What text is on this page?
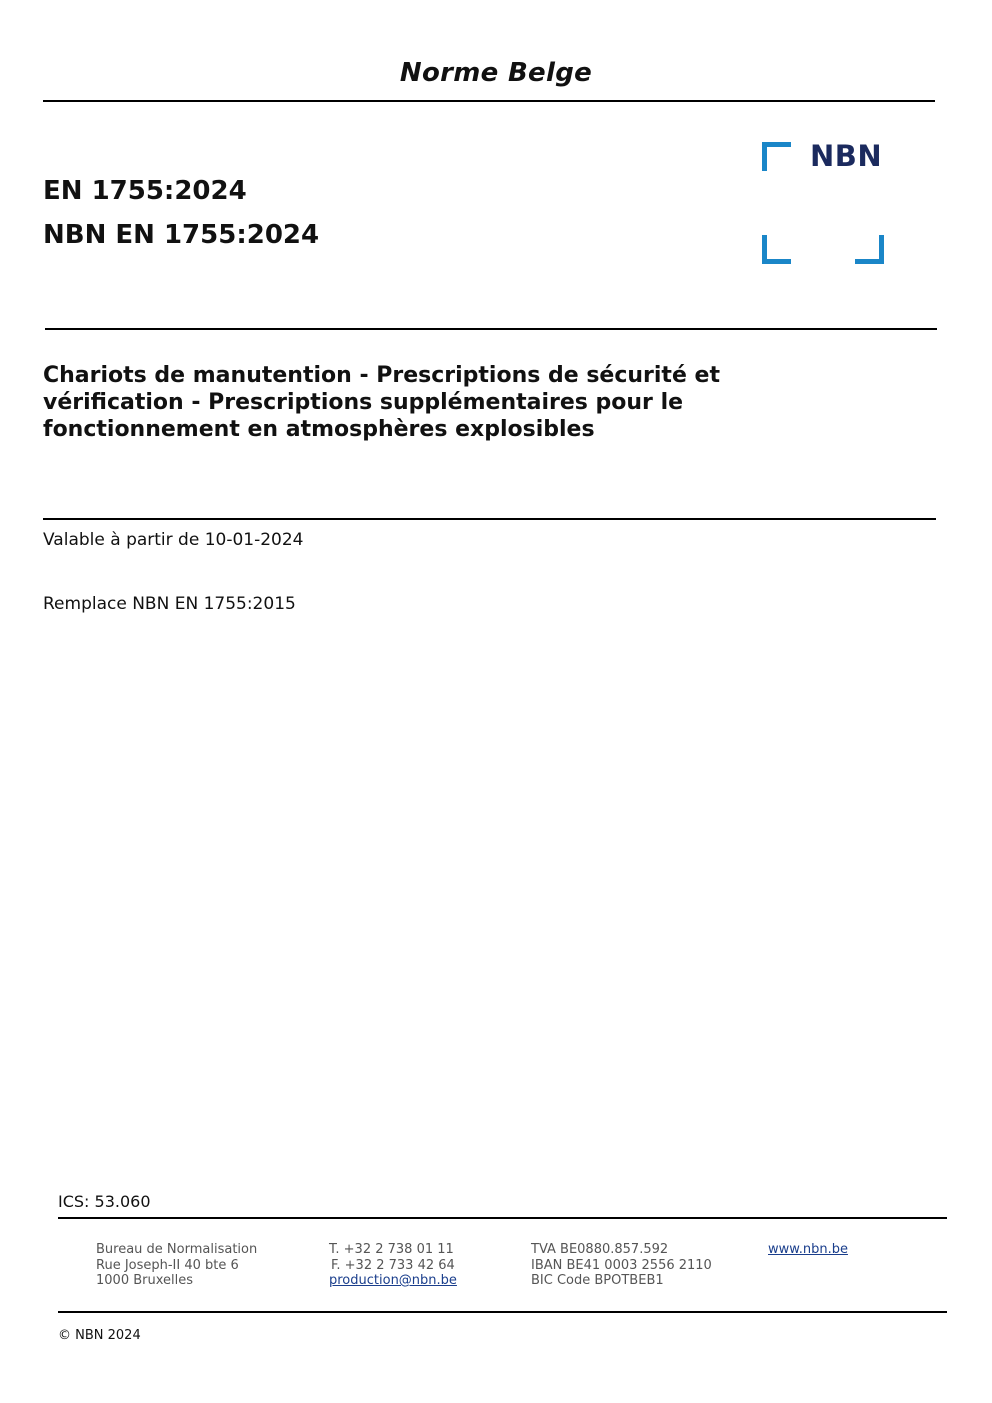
Norme Belge
EN 1755:2024
NBN EN 1755:2024
NBN
Chariots de manutention - Prescriptions de sécurité et
vérification - Prescriptions supplémentaires pour le
fonctionnement en atmosphères explosibles
Valable à partir de 10-01-2024
Remplace NBN EN 1755:2015
ICS: 53.060
Bureau de Normalisation
Rue Joseph-II 40 bte 6
1000 Bruxelles
T. +32 2 738 01 11
F. +32 2 733 42 64
production@nbn.be
TVA BE0880.857.592
IBAN BE41 0003 2556 2110
BIC Code BPOTBEB1
www.nbn.be
© NBN 2024
